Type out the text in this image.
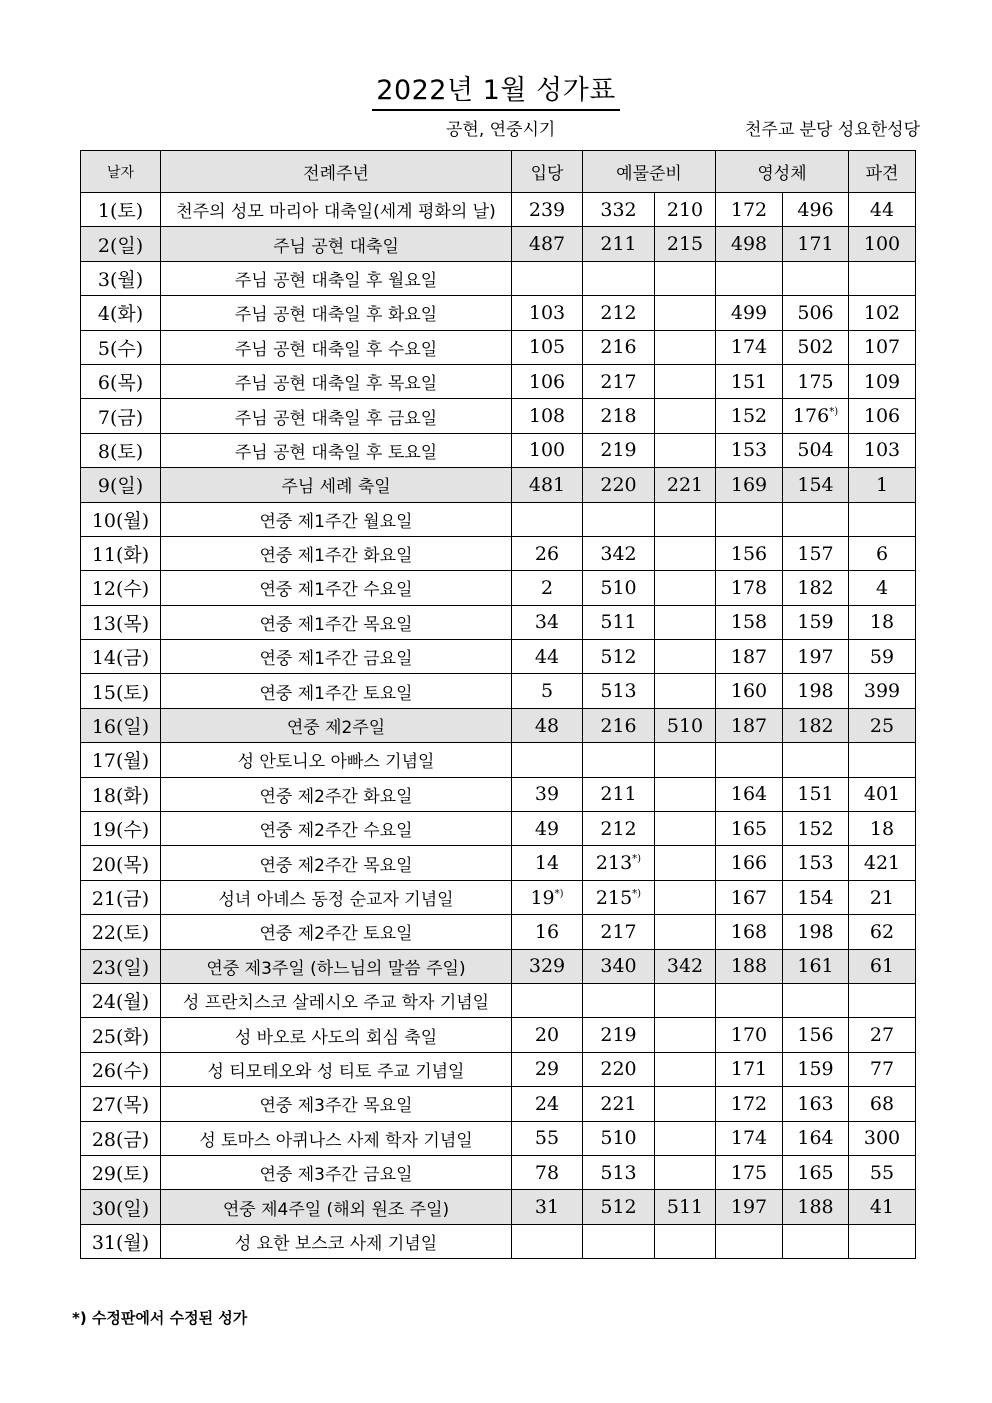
2022년 1월 성가표
공현, 연중시기	천주교 분당 성요한성당
날자	전례주년	입당	예물준비		영성체		파견
1(토)	천주의 성모 마리아 대축일(세계 평화의 날)	239	332	210	172	496	44
2(일)	주님 공현 대축일	487	211	215	498	171	100
3(월)	주님 공현 대축일 후 월요일						
4(화)	주님 공현 대축일 후 화요일	103	212		499	506	102
5(수)	주님 공현 대축일 후 수요일	105	216		174	502	107
6(목)	주님 공현 대축일 후 목요일	106	217		151	175	109
7(금)	주님 공현 대축일 후 금요일	108	218		152	176*)	106
8(토)	주님 공현 대축일 후 토요일	100	219		153	504	103
9(일)	주님 세례 축일	481	220	221	169	154	1
10(월)	연중 제1주간 월요일						
11(화)	연중 제1주간 화요일	26	342		156	157	6
12(수)	연중 제1주간 수요일	2	510		178	182	4
13(목)	연중 제1주간 목요일	34	511		158	159	18
14(금)	연중 제1주간 금요일	44	512		187	197	59
15(토)	연중 제1주간 토요일	5	513		160	198	399
16(일)	연중 제2주일	48	216	510	187	182	25
17(월)	성 안토니오 아빠스 기념일						
18(화)	연중 제2주간 화요일	39	211		164	151	401
19(수)	연중 제2주간 수요일	49	212		165	152	18
20(목)	연중 제2주간 목요일	14	213*)		166	153	421
21(금)	성녀 아녜스 동정 순교자 기념일	19*)	215*)		167	154	21
22(토)	연중 제2주간 토요일	16	217		168	198	62
23(일)	연중 제3주일 (하느님의 말씀 주일)	329	340	342	188	161	61
24(월)	성 프란치스코 살레시오 주교 학자 기념일						
25(화)	성 바오로 사도의 회심 축일	20	219		170	156	27
26(수)	성 티모테오와 성 티토 주교 기념일	29	220		171	159	77
27(목)	연중 제3주간 목요일	24	221		172	163	68
28(금)	성 토마스 아퀴나스 사제 학자 기념일	55	510		174	164	300
29(토)	연중 제3주간 금요일	78	513		175	165	55
30(일)	연중 제4주일 (해외 원조 주일)	31	512	511	197	188	41
31(월)	성 요한 보스코 사제 기념일						
*) 수정판에서 수정된 성가
